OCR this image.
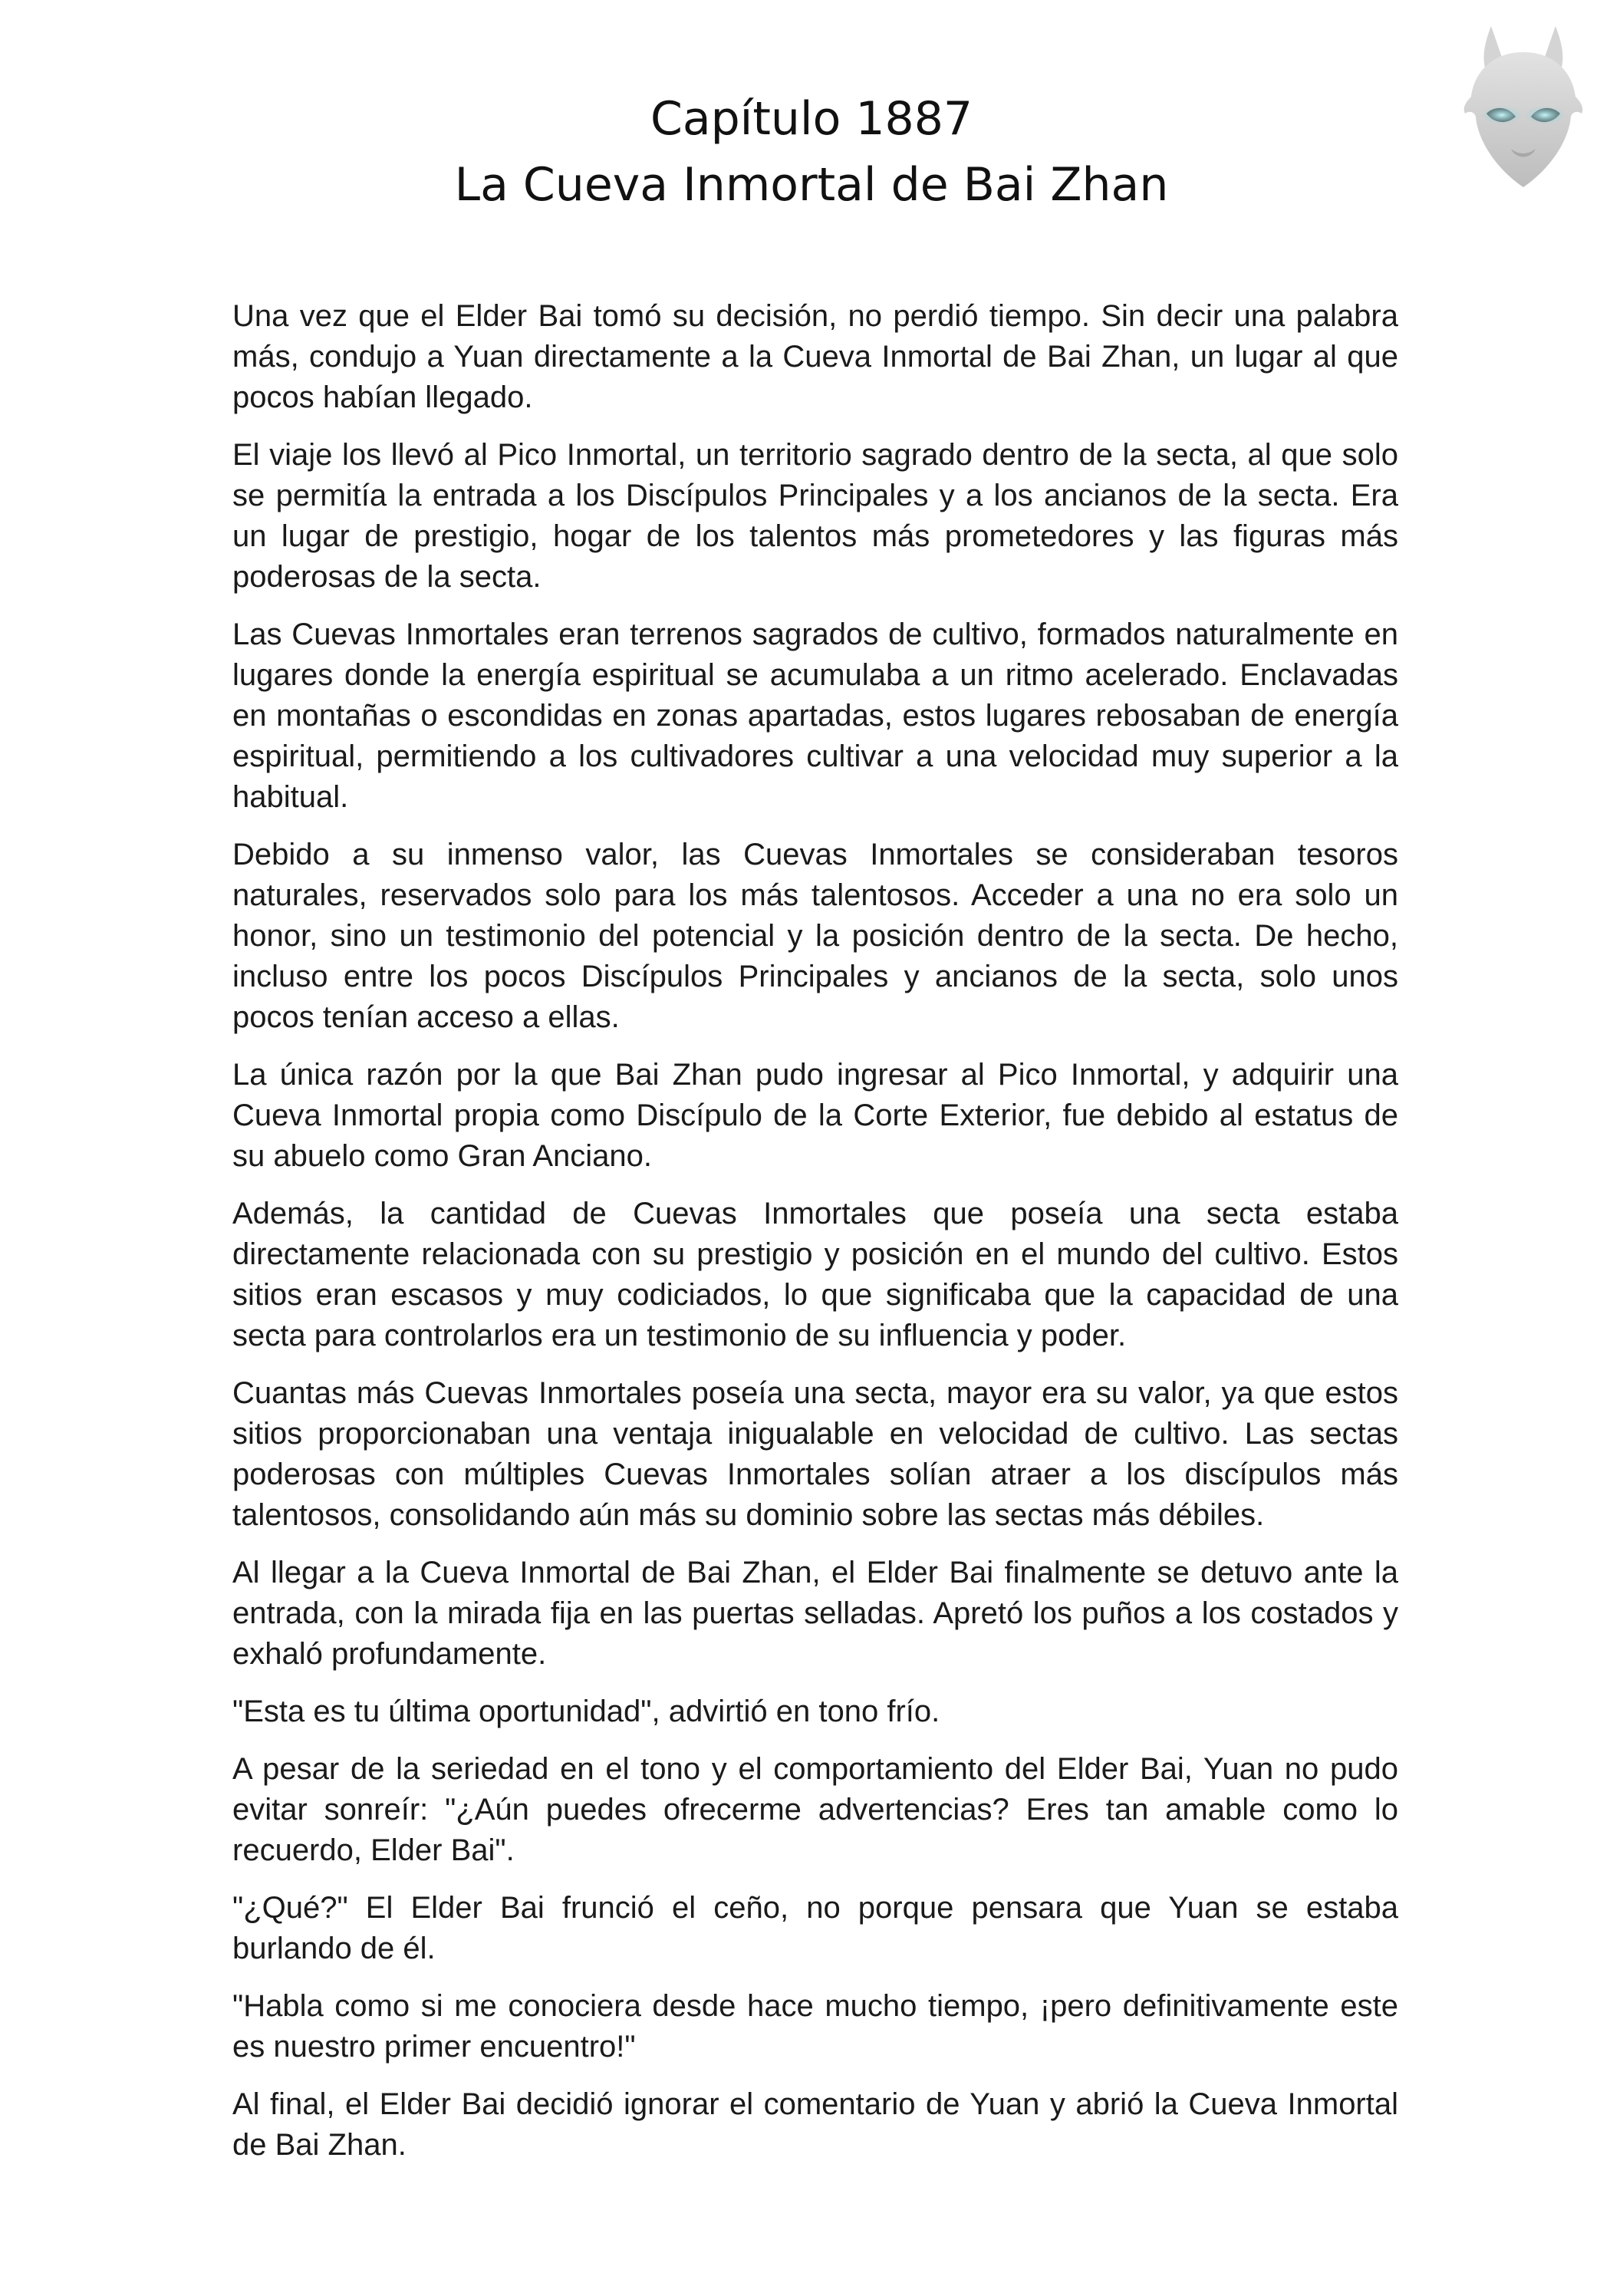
Capítulo 1887
La Cueva Inmortal de Bai Zhan

Una vez que el Elder Bai tomó su decisión, no perdió tiempo. Sin decir una palabra más, condujo a Yuan directamente a la Cueva Inmortal de Bai Zhan, un lugar al que pocos habían llegado.

El viaje los llevó al Pico Inmortal, un territorio sagrado dentro de la secta, al que solo se permitía la entrada a los Discípulos Principales y a los ancianos de la secta. Era un lugar de prestigio, hogar de los talentos más prometedores y las figuras más poderosas de la secta.

Las Cuevas Inmortales eran terrenos sagrados de cultivo, formados naturalmente en lugares donde la energía espiritual se acumulaba a un ritmo acelerado. Enclavadas en montañas o escondidas en zonas apartadas, estos lugares rebosaban de energía espiritual, permitiendo a los cultivadores cultivar a una velocidad muy superior a la habitual.

Debido a su inmenso valor, las Cuevas Inmortales se consideraban tesoros naturales, reservados solo para los más talentosos. Acceder a una no era solo un honor, sino un testimonio del potencial y la posición dentro de la secta. De hecho, incluso entre los pocos Discípulos Principales y ancianos de la secta, solo unos pocos tenían acceso a ellas.

La única razón por la que Bai Zhan pudo ingresar al Pico Inmortal, y adquirir una Cueva Inmortal propia como Discípulo de la Corte Exterior, fue debido al estatus de su abuelo como Gran Anciano.

Además, la cantidad de Cuevas Inmortales que poseía una secta estaba directamente relacionada con su prestigio y posición en el mundo del cultivo. Estos sitios eran escasos y muy codiciados, lo que significaba que la capacidad de una secta para controlarlos era un testimonio de su influencia y poder.

Cuantas más Cuevas Inmortales poseía una secta, mayor era su valor, ya que estos sitios proporcionaban una ventaja inigualable en velocidad de cultivo. Las sectas poderosas con múltiples Cuevas Inmortales solían atraer a los discípulos más talentosos, consolidando aún más su dominio sobre las sectas más débiles.

Al llegar a la Cueva Inmortal de Bai Zhan, el Elder Bai finalmente se detuvo ante la entrada, con la mirada fija en las puertas selladas. Apretó los puños a los costados y exhaló profundamente.

"Esta es tu última oportunidad", advirtió en tono frío.

A pesar de la seriedad en el tono y el comportamiento del Elder Bai, Yuan no pudo evitar sonreír: "¿Aún puedes ofrecerme advertencias? Eres tan amable como lo recuerdo, Elder Bai".

"¿Qué?" El Elder Bai frunció el ceño, no porque pensara que Yuan se estaba burlando de él.

"Habla como si me conociera desde hace mucho tiempo, ¡pero definitivamente este es nuestro primer encuentro!"

Al final, el Elder Bai decidió ignorar el comentario de Yuan y abrió la Cueva Inmortal de Bai Zhan.
